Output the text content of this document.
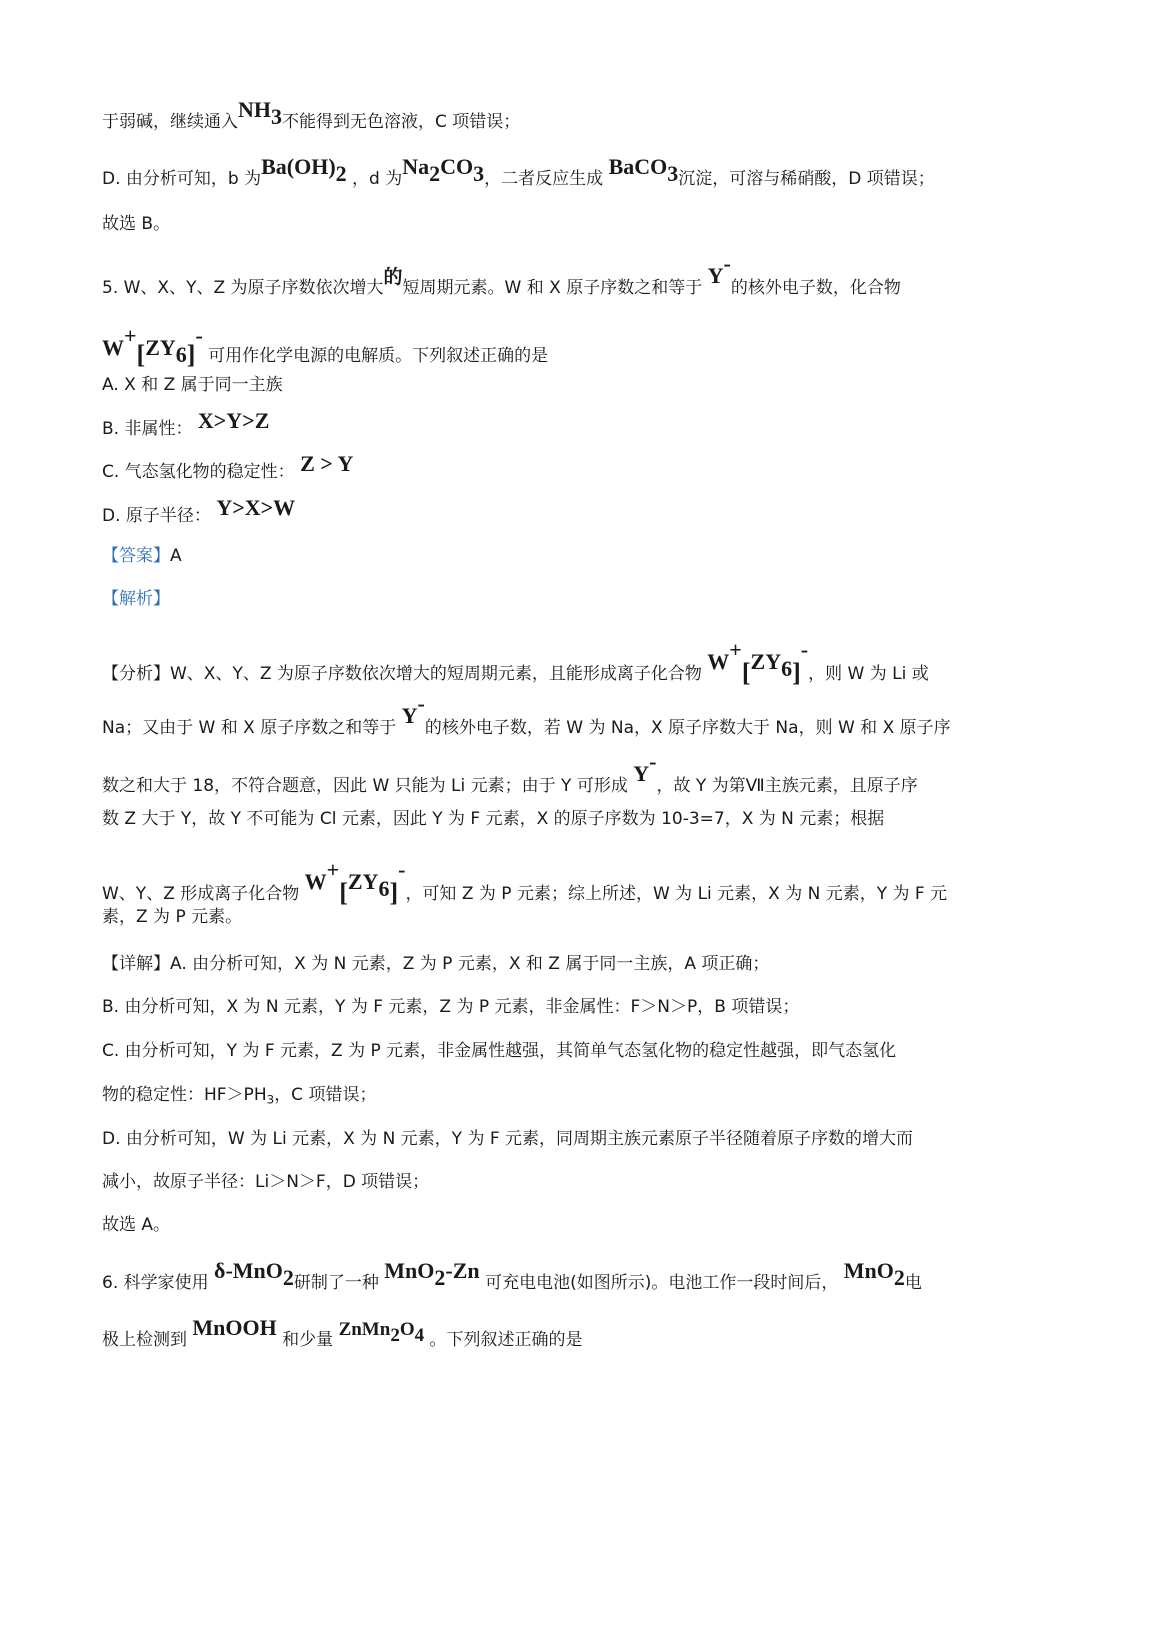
于弱碱，继续通入$NH_3$不能得到无色溶液，C 项错误；
D. 由分析可知，b 为$Ba(OH)_2$ ，d 为$Na_2CO_3$，二者反应生成 BaCO$_3$沉淀，可溶与稀硝酸，D 项错误；
故选 B。
5. W、X、Y、Z 为原子序数依次增大的短周期元素。W 和 X 原子序数之和等于 Y-的核外电子数，化合物
$W^+[ZY_6]^-$ 可用作化学电源的电解质。下列叙述正确的是
A. X 和 Z 属于同一主族
B. 非属性： X>Y>Z
C. 气态氢化物的稳定性： Z > Y
D. 原子半径： Y>X>W
【答案】A
【解析】
【分析】W、X、Y、Z 为原子序数依次增大的短周期元素，且能形成离子化合物 $W^+[ZY_6]^-$，则 W 为 Li 或
Na；又由于 W 和 X 原子序数之和等于 Y-的核外电子数，若 W 为 Na，X 原子序数大于 Na，则 W 和 X 原子序
数之和大于 18，不符合题意，因此 W 只能为 Li 元素；由于 Y 可形成 Y-，故 Y 为第Ⅶ主族元素，且原子序
数 Z 大于 Y，故 Y 不可能为 Cl 元素，因此 Y 为 F 元素，X 的原子序数为 10-3=7，X 为 N 元素；根据
W、Y、Z 形成离子化合物 $W^+[ZY_6]^-$，可知 Z 为 P 元素；综上所述，W 为 Li 元素，X 为 N 元素，Y 为 F 元
素，Z 为 P 元素。
【详解】A. 由分析可知，X 为 N 元素，Z 为 P 元素，X 和 Z 属于同一主族，A 项正确；
B. 由分析可知，X 为 N 元素，Y 为 F 元素，Z 为 P 元素，非金属性：F＞N＞P，B 项错误；
C. 由分析可知，Y 为 F 元素，Z 为 P 元素，非金属性越强，其简单气态氢化物的稳定性越强，即气态氢化
物的稳定性：$HF>PH_3$，C 项错误；
D. 由分析可知，W 为 Li 元素，X 为 N 元素，Y 为 F 元素，同周期主族元素原子半径随着原子序数的增大而
减小，故原子半径：Li＞N＞F，D 项错误；
故选 A。
6. 科学家使用 δ-MnO$_2$研制了一种 MnO$_2$-Zn 可充电电池(如图所示)。电池工作一段时间后， MnO$_2$电
极上检测到 MnOOH 和少量 $ZnMn_2O_4$ 。下列叙述正确的是
